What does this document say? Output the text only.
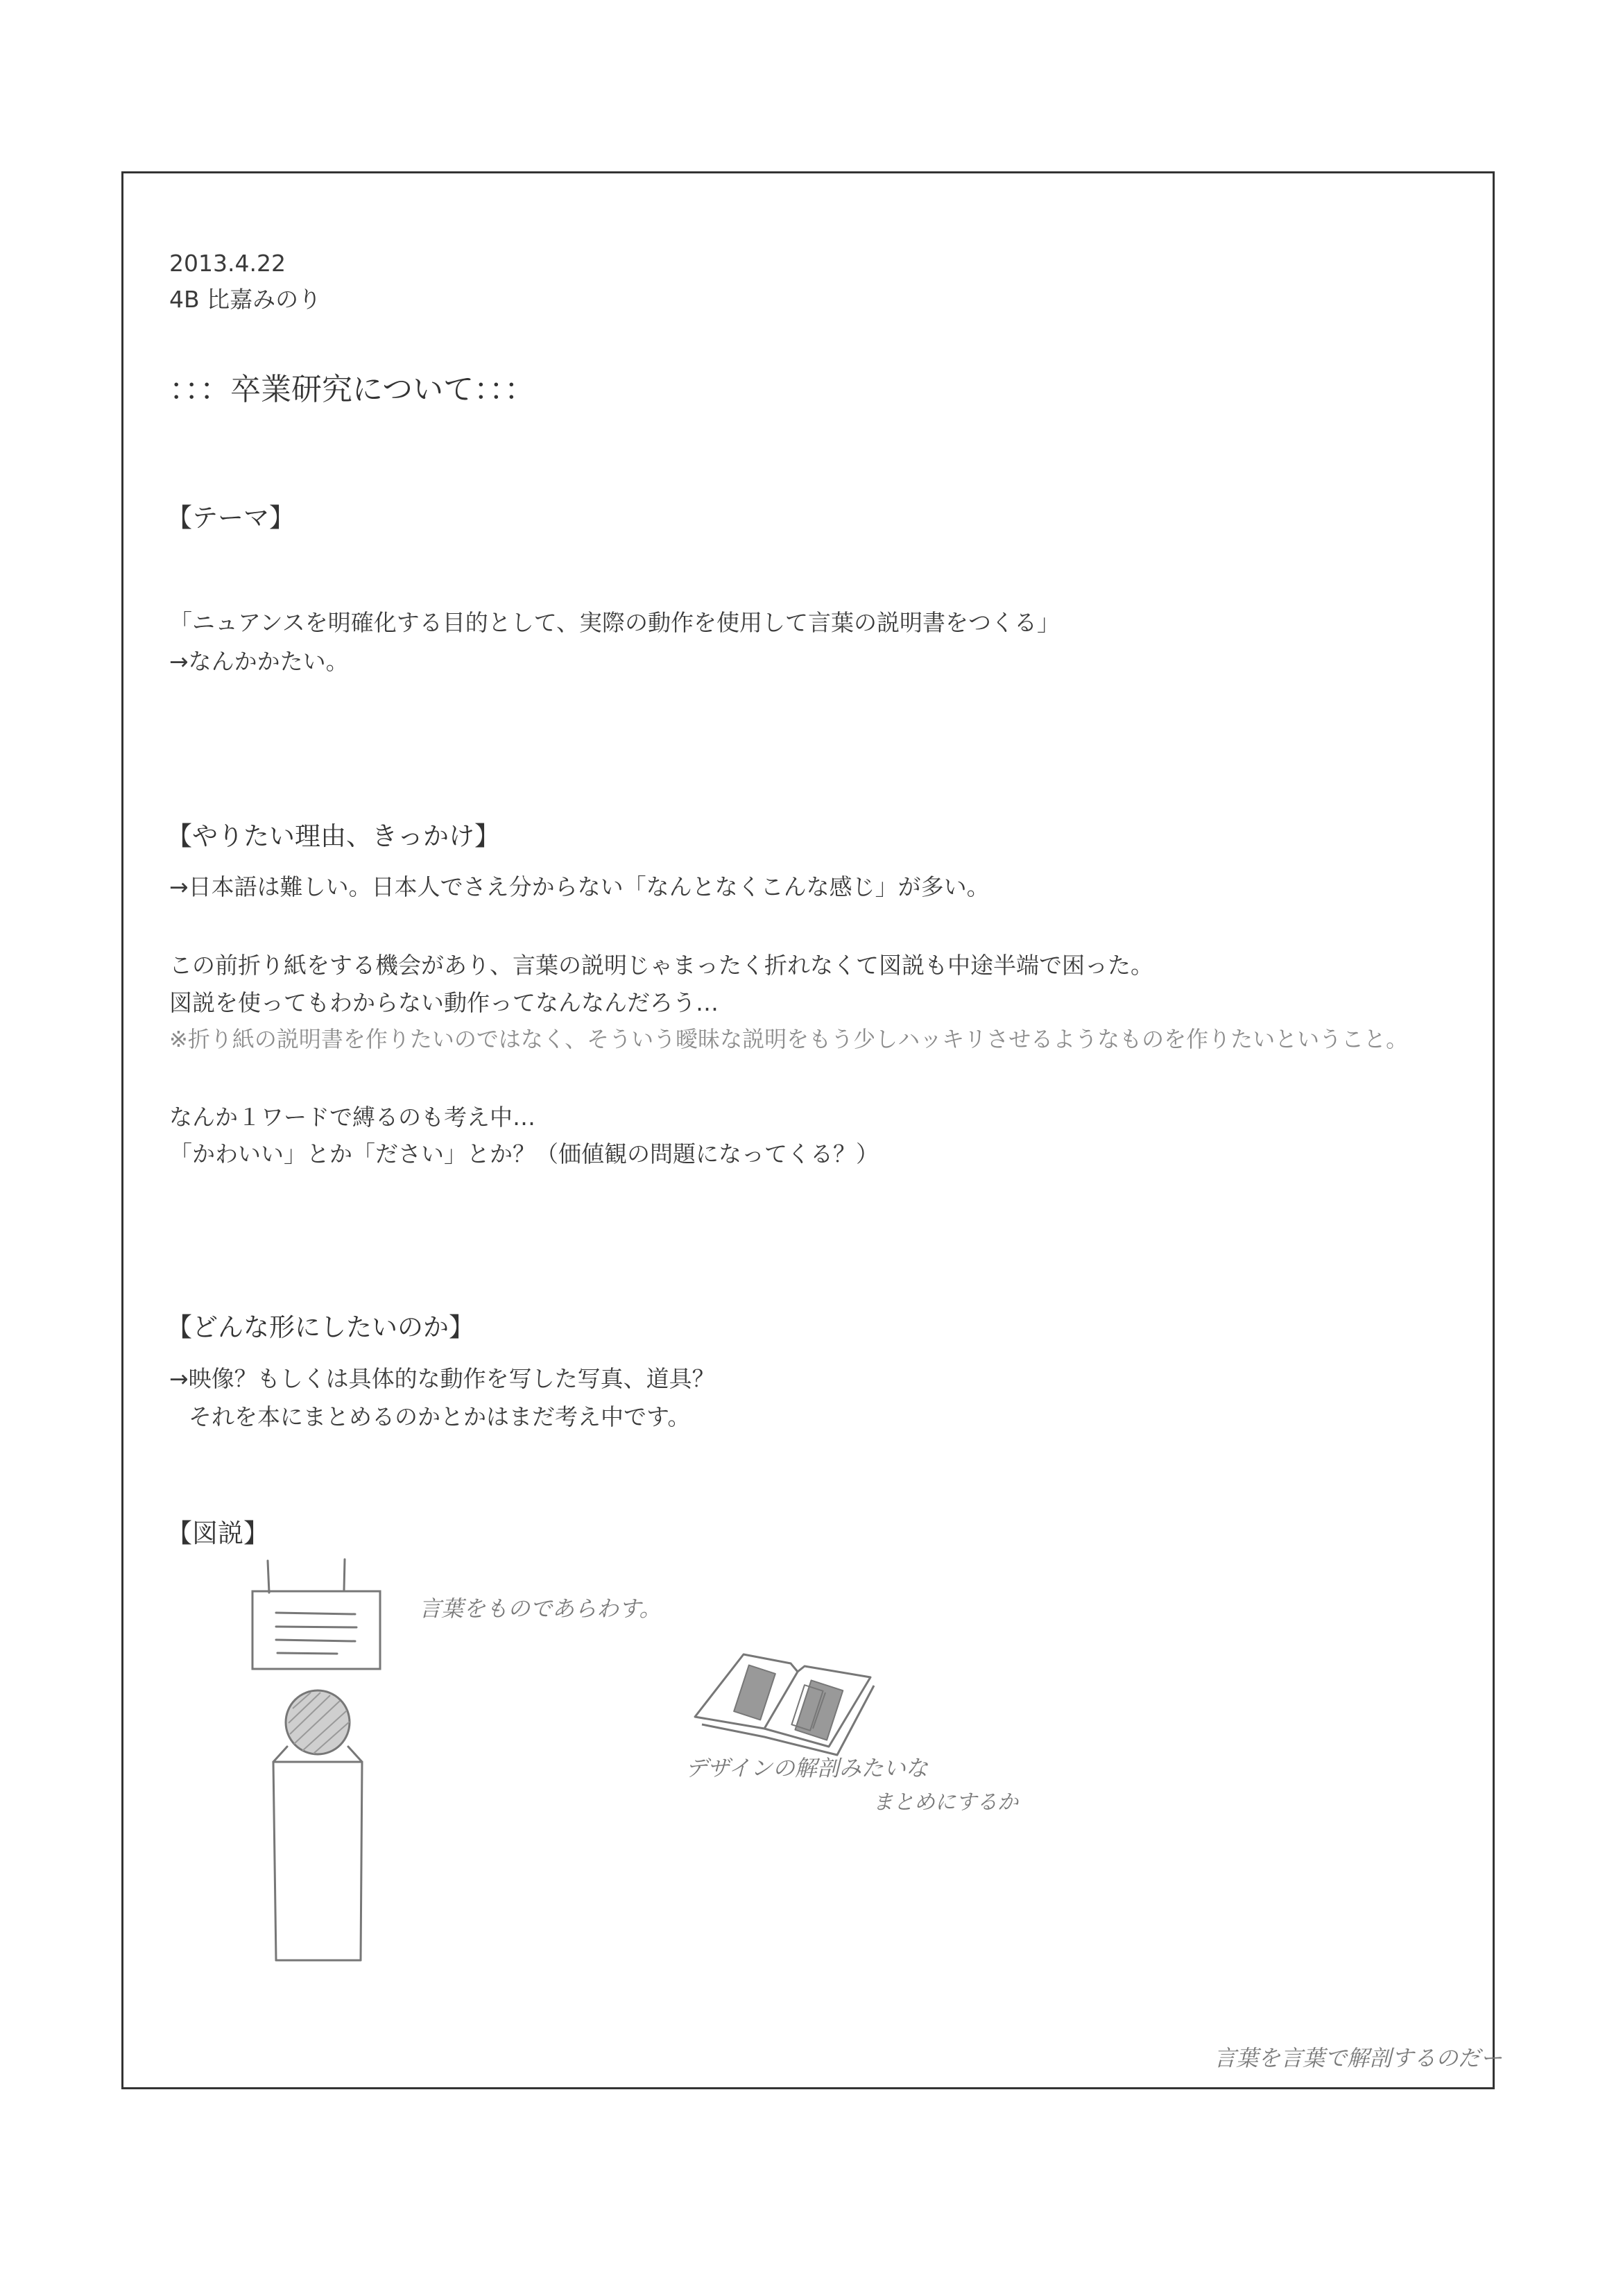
2013.4.22
4B 比嘉みのり
：：：卒業研究について：：：
【テーマ】
「ニュアンスを明確化する目的として、実際の動作を使用して言葉の説明書をつくる」
→なんかかたい。
【やりたい理由、きっかけ】
→日本語は難しい。日本人でさえ分からない「なんとなくこんな感じ」が多い。
この前折り紙をする機会があり、言葉の説明じゃまったく折れなくて図説も中途半端で困った。
図説を使ってもわからない動作ってなんなんだろう…
※折り紙の説明書を作りたいのではなく、そういう曖昧な説明をもう少しハッキリさせるようなものを作りたいということ。
なんか１ワードで縛るのも考え中…
「かわいい」とか「ださい」とか？（価値観の問題になってくる？）
【どんな形にしたいのか】
→映像？もしくは具体的な動作を写した写真、道具？
それを本にまとめるのかとかはまだ考え中です。
【図説】
言葉をものであらわす。
デザインの解剖みたいな
まとめにするか
言葉を言葉で解剖するのだー
